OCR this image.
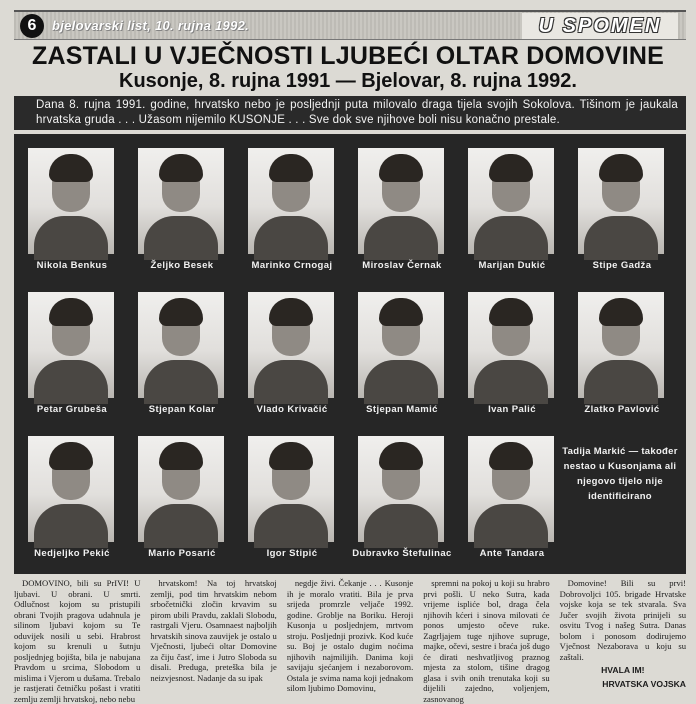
6	bjelovarski list, 10. rujna 1992.	U SPOMEN
ZASTALI U VJEČNOSTI LJUBEĆI OLTAR DOMOVINE
Kusonje, 8. rujna 1991 — Bjelovar, 8. rujna 1992.
Dana 8. rujna 1991. godine, hrvatsko nebo je posljednji puta milovalo draga tijela svojih Sokolova. Tišinom je jaukala hrvatska gruda . . . Užasom nijemilo KUSONJE . . . Sve dok sve njihove boli nisu konačno prestale.
Nikola Benkus	Željko Besek	Marinko Crnogaj	Miroslav Černak	Marijan Dukić	Stipe Gadža
Petar Grubeša	Stjepan Kolar	Vlado Krivačić	Stjepan Mamić	Ivan Palić	Zlatko Pavlović
Nedjeljko Pekić	Mario Posarić	Igor Stipić	Dubravko Štefulinac	Ante Tandara
Tadija Markić — također nestao u Kusonjama ali njegovo tijelo nije identificirano

DOMOVINO, bili su PrIVI! U ljubavi. U obrani. U smrti. Odlučnost kojom su pristupili obrani Tvojih pragova udahnula je silinom ljubavi kojom su Te oduvijek nosili u sebi. Hrabrost kojom su krenuli u šutnju posljednjeg bojišta, bila je nabujana Pravdom u srcima, Slobodom u mislima i Vjerom u dušama. Trebalo je rastjerati četničku pošast i vratiti zemlju zemlji hrvatskoj, nebo nebu

hrvatskom! Na toj hrvatskoj zemlji, pod tim hrvatskim nebom srbočetnički zločin krvavim su pirom ubili Pravdu, zaklali Slobodu, rastrgali Vjeru. Osamnaest najboljih hrvatskih sinova zauvijek je ostalo u Vječnosti, ljubeći oltar Domovine za čiju časť, ime i Jutro Sloboda su disali. Preduga, preteška bila je neizvjesnost. Nadanje da su ipak

negdje živi. Čekanje . . . Kusonje ih je moralo vratiti. Bila je prva srijeda promrzle veljače 1992. godine. Groblje na Boriku. Heroji Kusonja u posljednjem, mrtvom stroju. Posljednji prozivk. Kod kuće su. Boj je ostalo dugim noćima njihovih najmilijih. Danima koji savijaju sjećanjem i nezaborovom. Ostala je svima nama koji jednakom silom ljubimo Domovinu,

spremni na pokoj u koji su hrabro prvi pošli. U neko Sutra, kada vrijeme ispliće bol, draga čela njihovih kćeri i sinova milovati će ponos umjesto očeve ruke. Zagrljajem tuge njihove supruge, majke, očevi, sestre i braća još dugo će dirati neshvatljivog praznog mjesta za stolom, tišine dragog glasa i svih onih trenutaka koji su dijelili zajedno, voljenjem, zasnovanog

Domovine! Bili su prvi! Dobrovoljci 105. brigade Hrvatske vojske koja se tek stvarala. Sva Jučer svojih života prinijeli su osvitu Tvog i našeg Sutra. Danas bolom i ponosom dodirujemo Vječnost Nezaborava u koju su zaštali.

HVALA IM!
HRVATSKA VOJSKA
